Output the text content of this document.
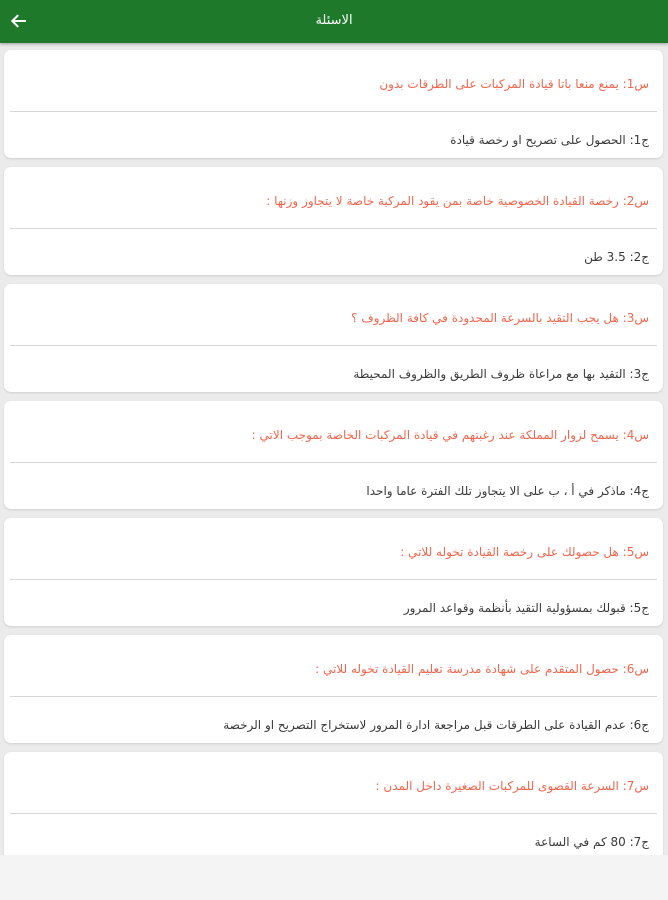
الاسئلة
س1: يمنع منعا باتا قيادة المركبات على الطرقات بدون
ج1: الحصول على تصريح او رخصة قيادة
س2: رخصة القيادة الخصوصية خاصة بمن يقود المركبة خاصة لا يتجاوز وزنها :
ج2: 3.5 طن
س3: هل يجب التقيد بالسرعة المحدودة في كافة الظروف ؟
ج3: التقيد بها مع مراعاة ظروف الطريق والظروف المحيطة
س4: يسمح لزوار المملكة عند رغبتهم في قيادة المركبات الخاصة بموجب الاتي :
ج4: ماذكر في أ ، ب على الا يتجاوز تلك الفترة عاما واحدا
س5: هل حصولك على رخصة القيادة تخوله للاتي :
ج5: قبولك بمسؤولية التقيد بأنظمة وقواعد المرور
س6: حصول المتقدم على شهادة مدرسة تعليم القيادة تخوله للاتي :
ج6: عدم القيادة على الطرقات قبل مراجعة ادارة المرور لاستخراج التصريح او الرخصة
س7: السرعة القصوى للمركبات الصغيرة داخل المدن :
ج7: 80 كم في الساعة
